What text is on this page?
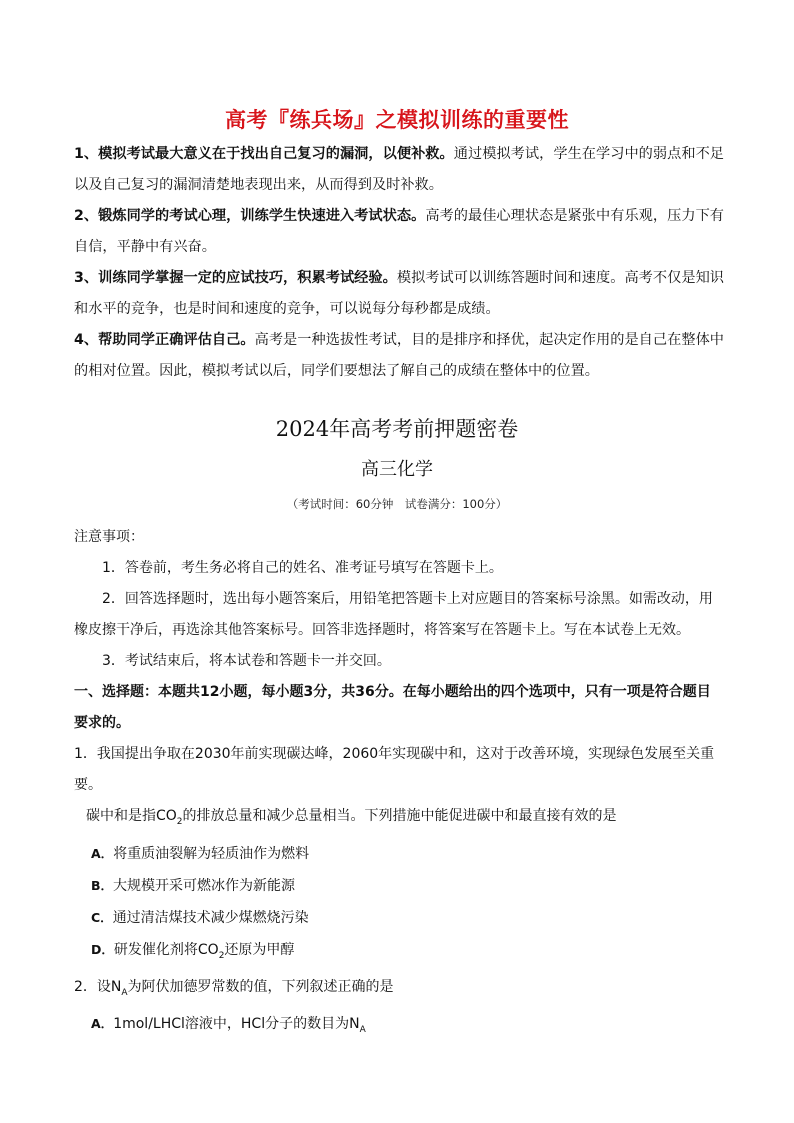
高考『练兵场』之模拟训练的重要性

1、模拟考试最大意义在于找出自己复习的漏洞，以便补救。通过模拟考试，学生在学习中的弱点和不足以及自己复习的漏洞清楚地表现出来，从而得到及时补救。

2、锻炼同学的考试心理，训练学生快速进入考试状态。高考的最佳心理状态是紧张中有乐观，压力下有自信，平静中有兴奋。

3、训练同学掌握一定的应试技巧，积累考试经验。模拟考试可以训练答题时间和速度。高考不仅是知识和水平的竞争，也是时间和速度的竞争，可以说每分每秒都是成绩。

4、帮助同学正确评估自己。高考是一种选拔性考试，目的是排序和择优，起决定作用的是自己在整体中的相对位置。因此，模拟考试以后，同学们要想法了解自己的成绩在整体中的位置。

2024年高考考前押题密卷
高三化学
（考试时间：60分钟　试卷满分：100分）

注意事项：

1．答卷前，考生务必将自己的姓名、准考证号填写在答题卡上。

2．回答选择题时，选出每小题答案后，用铅笔把答题卡上对应题目的答案标号涂黑。如需改动，用橡皮擦干净后，再选涂其他答案标号。回答非选择题时，将答案写在答题卡上。写在本试卷上无效。

3．考试结束后，将本试卷和答题卡一并交回。

一、选择题：本题共12小题，每小题3分，共36分。在每小题给出的四个选项中，只有一项是符合题目要求的。

1．我国提出争取在2030年前实现碳达峰，2060年实现碳中和，这对于改善环境，实现绿色发展至关重要。

碳中和是指$CO_2$的排放总量和减少总量相当。下列措施中能促进碳中和最直接有效的是

A．将重质油裂解为轻质油作为燃料

B．大规模开采可燃冰作为新能源

C．通过清洁煤技术减少煤燃烧污染

D．研发催化剂将$CO_2$还原为甲醇

2．设$N_A$为阿伏加德罗常数的值，下列叙述正确的是

A．1mol/LHCl溶液中，HCl分子的数目为$N_A$
